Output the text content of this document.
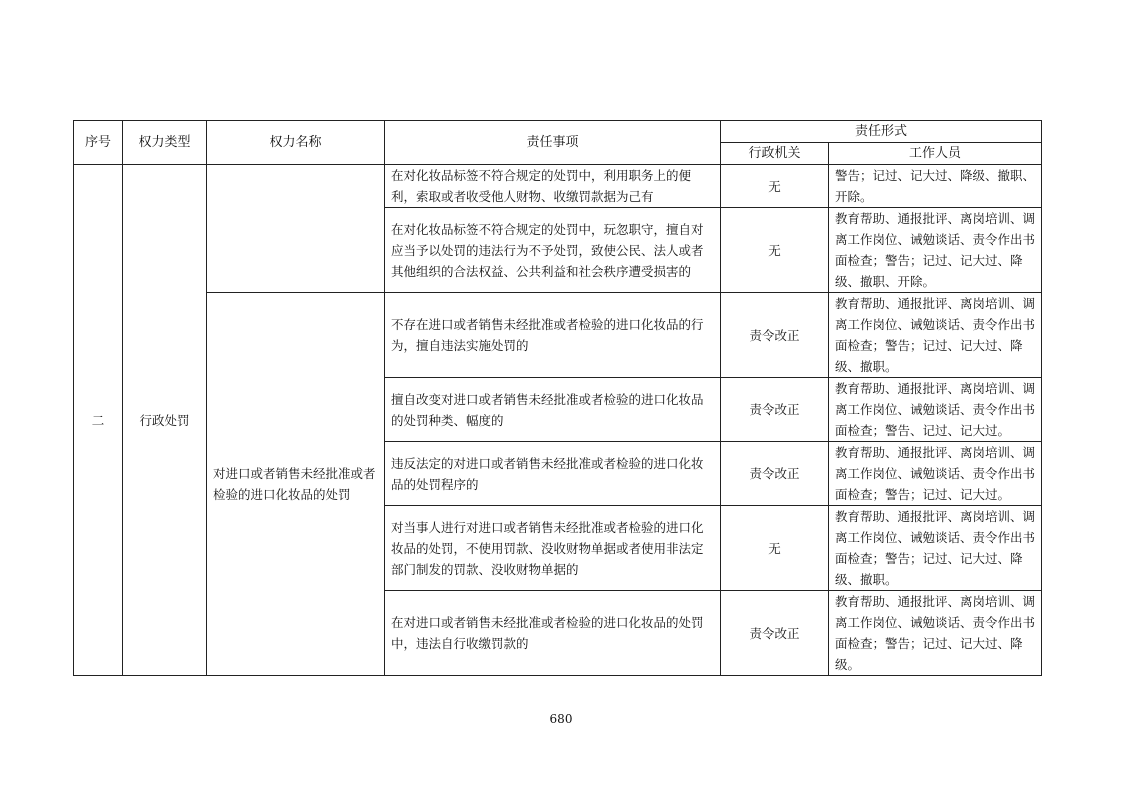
序号	权力类型	权力名称	责任事项	责任形式	
				行政机关	工作人员
二	行政处罚		在对化妆品标签不符合规定的处罚中，利用职务上的便利，索取或者收受他人财物、收缴罚款据为己有	无	警告；记过、记大过、降级、撤职、开除。
			在对化妆品标签不符合规定的处罚中，玩忽职守，擅自对应当予以处罚的违法行为不予处罚，致使公民、法人或者其他组织的合法权益、公共利益和社会秩序遭受损害的	无	教育帮助、通报批评、离岗培训、调离工作岗位、诫勉谈话、责令作出书面检查；警告；记过、记大过、降级、撤职、开除。
		对进口或者销售未经批准或者检验的进口化妆品的处罚	不存在进口或者销售未经批准或者检验的进口化妆品的行为，擅自违法实施处罚的	责令改正	教育帮助、通报批评、离岗培训、调离工作岗位、诫勉谈话、责令作出书面检查；警告；记过、记大过、降级、撤职。
			擅自改变对进口或者销售未经批准或者检验的进口化妆品的处罚种类、幅度的	责令改正	教育帮助、通报批评、离岗培训、调离工作岗位、诫勉谈话、责令作出书面检查；警告、记过、记大过。
			违反法定的对进口或者销售未经批准或者检验的进口化妆品的处罚程序的	责令改正	教育帮助、通报批评、离岗培训、调离工作岗位、诫勉谈话、责令作出书面检查；警告；记过、记大过。
			对当事人进行对进口或者销售未经批准或者检验的进口化妆品的处罚，不使用罚款、没收财物单据或者使用非法定部门制发的罚款、没收财物单据的	无	教育帮助、通报批评、离岗培训、调离工作岗位、诫勉谈话、责令作出书面检查；警告；记过、记大过、降级、撤职。
			在对进口或者销售未经批准或者检验的进口化妆品的处罚中，违法自行收缴罚款的	责令改正	教育帮助、通报批评、离岗培训、调离工作岗位、诫勉谈话、责令作出书面检查；警告；记过、记大过、降级。
680
